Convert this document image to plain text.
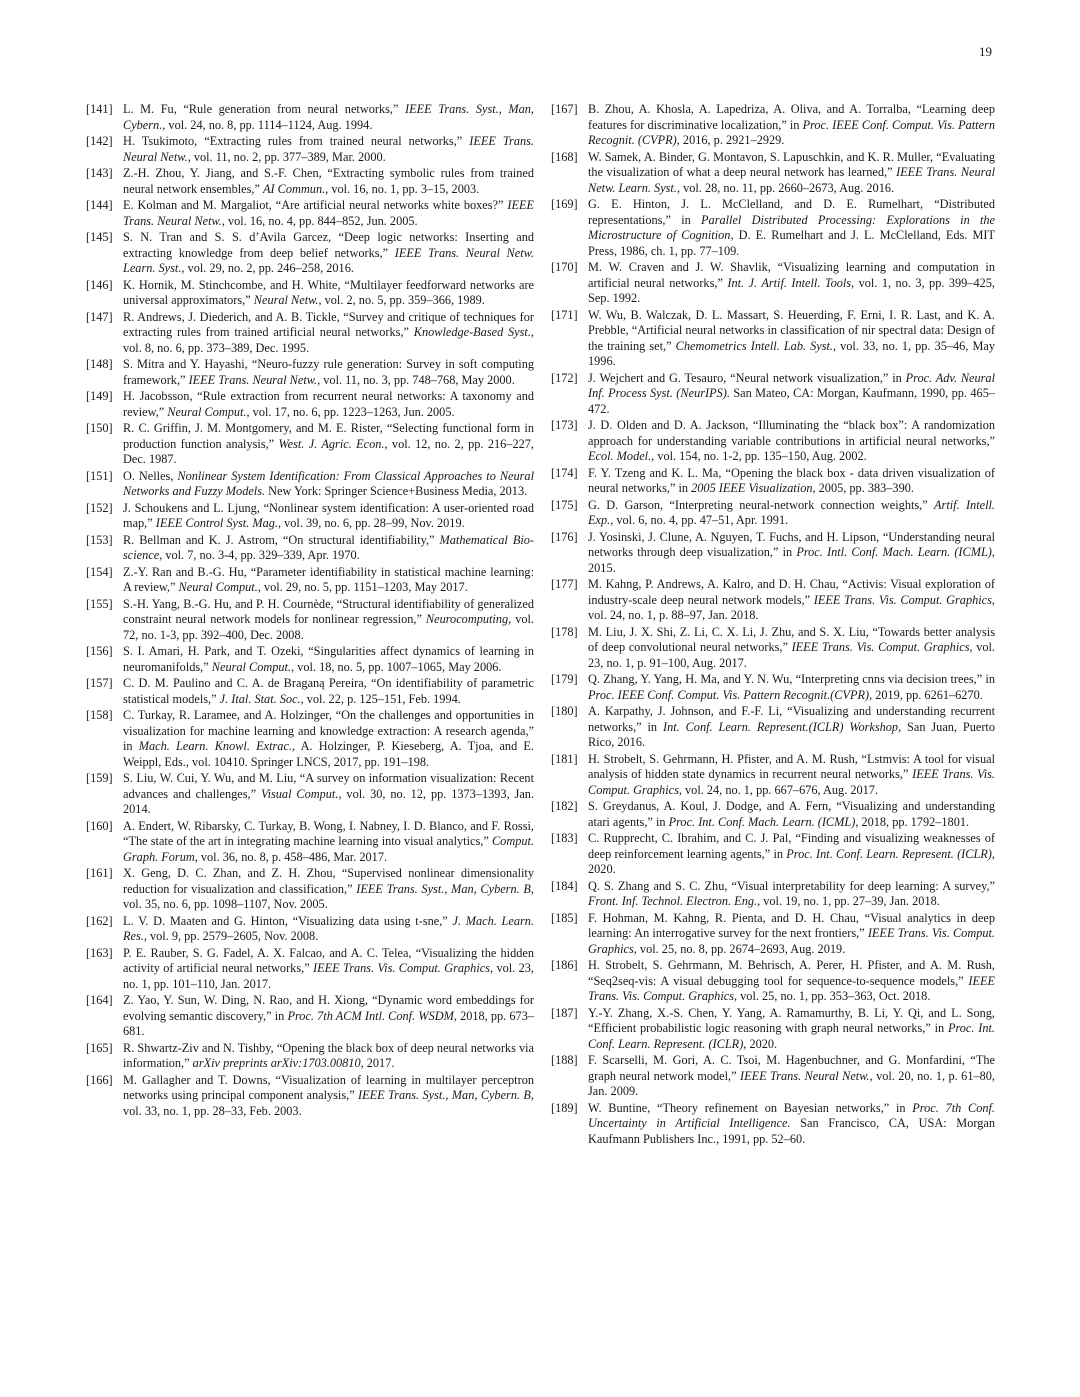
19
[141] L. M. Fu, “Rule generation from neural networks,” IEEE Trans. Syst., Man, Cybern., vol. 24, no. 8, pp. 1114–1124, Aug. 1994.
[142] H. Tsukimoto, “Extracting rules from trained neural networks,” IEEE Trans. Neural Netw., vol. 11, no. 2, pp. 377–389, Mar. 2000.
[143] Z.-H. Zhou, Y. Jiang, and S.-F. Chen, “Extracting symbolic rules from trained neural network ensembles,” AI Commun., vol. 16, no. 1, pp. 3–15, 2003.
[144] E. Kolman and M. Margaliot, “Are artificial neural networks white boxes?” IEEE Trans. Neural Netw., vol. 16, no. 4, pp. 844–852, Jun. 2005.
[145] S. N. Tran and S. S. d’Avila Garcez, “Deep logic networks: Inserting and extracting knowledge from deep belief networks,” IEEE Trans. Neural Netw. Learn. Syst., vol. 29, no. 2, pp. 246–258, 2016.
[146] K. Hornik, M. Stinchcombe, and H. White, “Multilayer feedforward networks are universal approximators,” Neural Netw., vol. 2, no. 5, pp. 359–366, 1989.
[147] R. Andrews, J. Diederich, and A. B. Tickle, “Survey and critique of techniques for extracting rules from trained artificial neural networks,” Knowledge-Based Syst., vol. 8, no. 6, pp. 373–389, Dec. 1995.
[148] S. Mitra and Y. Hayashi, “Neuro-fuzzy rule generation: Survey in soft computing framework,” IEEE Trans. Neural Netw., vol. 11, no. 3, pp. 748–768, May 2000.
[149] H. Jacobsson, “Rule extraction from recurrent neural networks: A taxonomy and review,” Neural Comput., vol. 17, no. 6, pp. 1223–1263, Jun. 2005.
[150] R. C. Griffin, J. M. Montgomery, and M. E. Rister, “Selecting functional form in production function analysis,” West. J. Agric. Econ., vol. 12, no. 2, pp. 216–227, Dec. 1987.
[151] O. Nelles, Nonlinear System Identification: From Classical Approaches to Neural Networks and Fuzzy Models. New York: Springer Science+Business Media, 2013.
[152] J. Schoukens and L. Ljung, “Nonlinear system identification: A user-oriented road map,” IEEE Control Syst. Mag., vol. 39, no. 6, pp. 28–99, Nov. 2019.
[153] R. Bellman and K. J. Astrom, “On structural identifiability,” Mathematical Bio-science, vol. 7, no. 3-4, pp. 329–339, Apr. 1970.
[154] Z.-Y. Ran and B.-G. Hu, “Parameter identifiability in statistical machine learning: A review,” Neural Comput., vol. 29, no. 5, pp. 1151–1203, May 2017.
[155] S.-H. Yang, B.-G. Hu, and P. H. Cournède, “Structural identifiability of generalized constraint neural network models for nonlinear regression,” Neurocomputing, vol. 72, no. 1-3, pp. 392–400, Dec. 2008.
[156] S. I. Amari, H. Park, and T. Ozeki, “Singularities affect dynamics of learning in neuromanifolds,” Neural Comput., vol. 18, no. 5, pp. 1007–1065, May 2006.
[157] C. D. M. Paulino and C. A. de Braganą Pereira, “On identifiability of parametric statistical models,” J. Ital. Stat. Soc., vol. 22, p. 125–151, Feb. 1994.
[158] C. Turkay, R. Laramee, and A. Holzinger, “On the challenges and opportunities in visualization for machine learning and knowledge extraction: A research agenda,” in Mach. Learn. Knowl. Extrac., A. Holzinger, P. Kieseberg, A. Tjoa, and E. Weippl, Eds., vol. 10410. Springer LNCS, 2017, pp. 191–198.
[159] S. Liu, W. Cui, Y. Wu, and M. Liu, “A survey on information visualization: Recent advances and challenges,” Visual Comput., vol. 30, no. 12, pp. 1373–1393, Jan. 2014.
[160] A. Endert, W. Ribarsky, C. Turkay, B. Wong, I. Nabney, I. D. Blanco, and F. Rossi, “The state of the art in integrating machine learning into visual analytics,” Comput. Graph. Forum, vol. 36, no. 8, p. 458–486, Mar. 2017.
[161] X. Geng, D. C. Zhan, and Z. H. Zhou, “Supervised nonlinear dimensionality reduction for visualization and classification,” IEEE Trans. Syst., Man, Cybern. B, vol. 35, no. 6, pp. 1098–1107, Nov. 2005.
[162] L. V. D. Maaten and G. Hinton, “Visualizing data using t-sne,” J. Mach. Learn. Res., vol. 9, pp. 2579–2605, Nov. 2008.
[163] P. E. Rauber, S. G. Fadel, A. X. Falcao, and A. C. Telea, “Visualizing the hidden activity of artificial neural networks,” IEEE Trans. Vis. Comput. Graphics, vol. 23, no. 1, pp. 101–110, Jan. 2017.
[164] Z. Yao, Y. Sun, W. Ding, N. Rao, and H. Xiong, “Dynamic word embeddings for evolving semantic discovery,” in Proc. 7th ACM Intl. Conf. WSDM, 2018, pp. 673–681.
[165] R. Shwartz-Ziv and N. Tishby, “Opening the black box of deep neural networks via information,” arXiv preprints arXiv:1703.00810, 2017.
[166] M. Gallagher and T. Downs, “Visualization of learning in multilayer perceptron networks using principal component analysis,” IEEE Trans. Syst., Man, Cybern. B, vol. 33, no. 1, pp. 28–33, Feb. 2003.
[167] B. Zhou, A. Khosla, A. Lapedriza, A. Oliva, and A. Torralba, “Learning deep features for discriminative localization,” in Proc. IEEE Conf. Comput. Vis. Pattern Recognit. (CVPR), 2016, p. 2921–2929.
[168] W. Samek, A. Binder, G. Montavon, S. Lapuschkin, and K. R. Muller, “Evaluating the visualization of what a deep neural network has learned,” IEEE Trans. Neural Netw. Learn. Syst., vol. 28, no. 11, pp. 2660–2673, Aug. 2016.
[169] G. E. Hinton, J. L. McClelland, and D. E. Rumelhart, “Distributed representations,” in Parallel Distributed Processing: Explorations in the Microstructure of Cognition, D. E. Rumelhart and J. L. McClelland, Eds. MIT Press, 1986, ch. 1, pp. 77–109.
[170] M. W. Craven and J. W. Shavlik, “Visualizing learning and computation in artificial neural networks,” Int. J. Artif. Intell. Tools, vol. 1, no. 3, pp. 399–425, Sep. 1992.
[171] W. Wu, B. Walczak, D. L. Massart, S. Heuerding, F. Erni, I. R. Last, and K. A. Prebble, “Artificial neural networks in classification of nir spectral data: Design of the training set,” Chemometrics Intell. Lab. Syst., vol. 33, no. 1, pp. 35–46, May 1996.
[172] J. Wejchert and G. Tesauro, “Neural network visualization,” in Proc. Adv. Neural Inf. Process Syst. (NeurIPS). San Mateo, CA: Morgan, Kaufmann, 1990, pp. 465–472.
[173] J. D. Olden and D. A. Jackson, “Illuminating the “black box”: A randomization approach for understanding variable contributions in artificial neural networks,” Ecol. Model., vol. 154, no. 1-2, pp. 135–150, Aug. 2002.
[174] F. Y. Tzeng and K. L. Ma, “Opening the black box - data driven visualization of neural networks,” in 2005 IEEE Visualization, 2005, pp. 383–390.
[175] G. D. Garson, “Interpreting neural-network connection weights,” Artif. Intell. Exp., vol. 6, no. 4, pp. 47–51, Apr. 1991.
[176] J. Yosinski, J. Clune, A. Nguyen, T. Fuchs, and H. Lipson, “Understanding neural networks through deep visualization,” in Proc. Intl. Conf. Mach. Learn. (ICML), 2015.
[177] M. Kahng, P. Andrews, A. Kalro, and D. H. Chau, “Activis: Visual exploration of industry-scale deep neural network models,” IEEE Trans. Vis. Comput. Graphics, vol. 24, no. 1, p. 88–97, Jan. 2018.
[178] M. Liu, J. X. Shi, Z. Li, C. X. Li, J. Zhu, and S. X. Liu, “Towards better analysis of deep convolutional neural networks,” IEEE Trans. Vis. Comput. Graphics, vol. 23, no. 1, p. 91–100, Aug. 2017.
[179] Q. Zhang, Y. Yang, H. Ma, and Y. N. Wu, “Interpreting cnns via decision trees,” in Proc. IEEE Conf. Comput. Vis. Pattern Recognit.(CVPR), 2019, pp. 6261–6270.
[180] A. Karpathy, J. Johnson, and F.-F. Li, “Visualizing and understanding recurrent networks,” in Int. Conf. Learn. Represent.(ICLR) Workshop, San Juan, Puerto Rico, 2016.
[181] H. Strobelt, S. Gehrmann, H. Pfister, and A. M. Rush, “Lstmvis: A tool for visual analysis of hidden state dynamics in recurrent neural networks,” IEEE Trans. Vis. Comput. Graphics, vol. 24, no. 1, pp. 667–676, Aug. 2017.
[182] S. Greydanus, A. Koul, J. Dodge, and A. Fern, “Visualizing and understanding atari agents,” in Proc. Int. Conf. Mach. Learn. (ICML), 2018, pp. 1792–1801.
[183] C. Rupprecht, C. Ibrahim, and C. J. Pal, “Finding and visualizing weaknesses of deep reinforcement learning agents,” in Proc. Int. Conf. Learn. Represent. (ICLR), 2020.
[184] Q. S. Zhang and S. C. Zhu, “Visual interpretability for deep learning: A survey,” Front. Inf. Technol. Electron. Eng., vol. 19, no. 1, pp. 27–39, Jan. 2018.
[185] F. Hohman, M. Kahng, R. Pienta, and D. H. Chau, “Visual analytics in deep learning: An interrogative survey for the next frontiers,” IEEE Trans. Vis. Comput. Graphics, vol. 25, no. 8, pp. 2674–2693, Aug. 2019.
[186] H. Strobelt, S. Gehrmann, M. Behrisch, A. Perer, H. Pfister, and A. M. Rush, “Seq2seq-vis: A visual debugging tool for sequence-to-sequence models,” IEEE Trans. Vis. Comput. Graphics, vol. 25, no. 1, pp. 353–363, Oct. 2018.
[187] Y.-Y. Zhang, X.-S. Chen, Y. Yang, A. Ramamurthy, B. Li, Y. Qi, and L. Song, “Efficient probabilistic logic reasoning with graph neural networks,” in Proc. Int. Conf. Learn. Represent. (ICLR), 2020.
[188] F. Scarselli, M. Gori, A. C. Tsoi, M. Hagenbuchner, and G. Monfardini, “The graph neural network model,” IEEE Trans. Neural Netw., vol. 20, no. 1, p. 61–80, Jan. 2009.
[189] W. Buntine, “Theory refinement on Bayesian networks,” in Proc. 7th Conf. Uncertainty in Artificial Intelligence. San Francisco, CA, USA: Morgan Kaufmann Publishers Inc., 1991, pp. 52–60.
